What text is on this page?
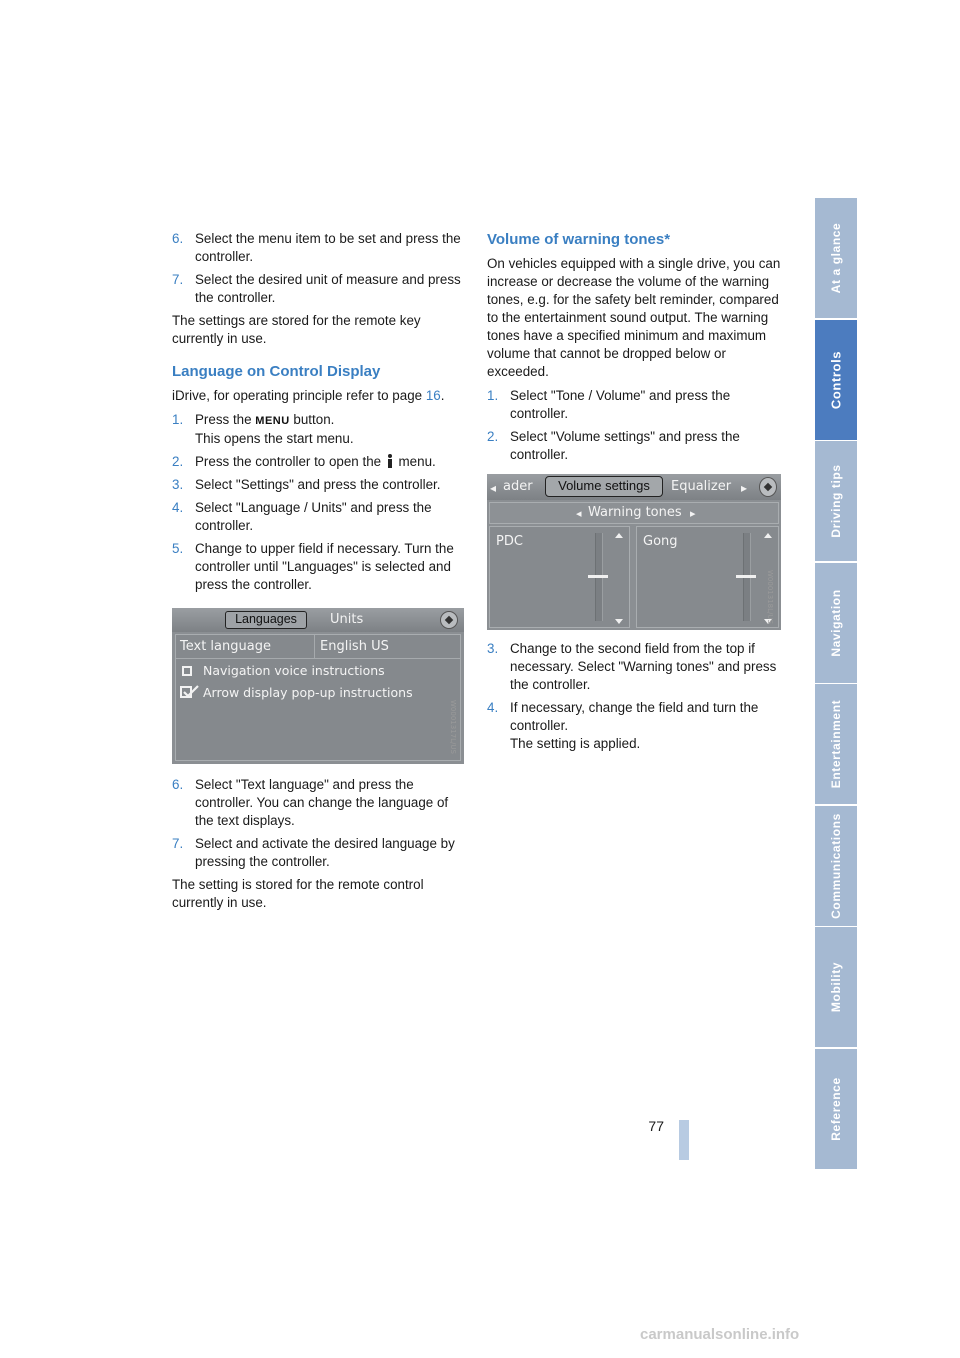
6. Select the menu item to be set and press the controller.
7. Select the desired unit of measure and press the controller.

The settings are stored for the remote key currently in use.

Language on Control Display

iDrive, for operating principle refer to page 16.

1. Press the MENU button.
This opens the start menu.
2. Press the controller to open the  menu.
3. Select "Settings" and press the controller.
4. Select "Language / Units" and press the controller.
5. Change to upper field if necessary. Turn the controller until "Languages" is selected and press the controller.
Languages	Units
Text language	English US
Navigation voice instructions
Arrow display pop-up instructions
W0001317L/US
6. Select "Text language" and press the controller. You can change the language of the text displays.
7. Select and activate the desired language by pressing the controller.

The setting is stored for the remote control currently in use.

Volume of warning tones*

On vehicles equipped with a single drive, you can increase or decrease the volume of the warning tones, e.g. for the safety belt reminder, compared to the entertainment sound output. The warning tones have a specified minimum and maximum volume that cannot be dropped below or exceeded.

1. Select "Tone / Volume" and press the controller.
2. Select "Volume settings" and press the controller.
◂ ader	Volume settings	Equalizer ▸
◂ Warning tones ▸
PDC	Gong
W0001318L/US
3. Change to the second field from the top if necessary. Select "Warning tones" and press the controller.
4. If necessary, change the field and turn the controller.
The setting is applied.
At a glance
Controls
Driving tips
Navigation
Entertainment
Communications
Mobility
Reference
77
carmanualsonline.info
